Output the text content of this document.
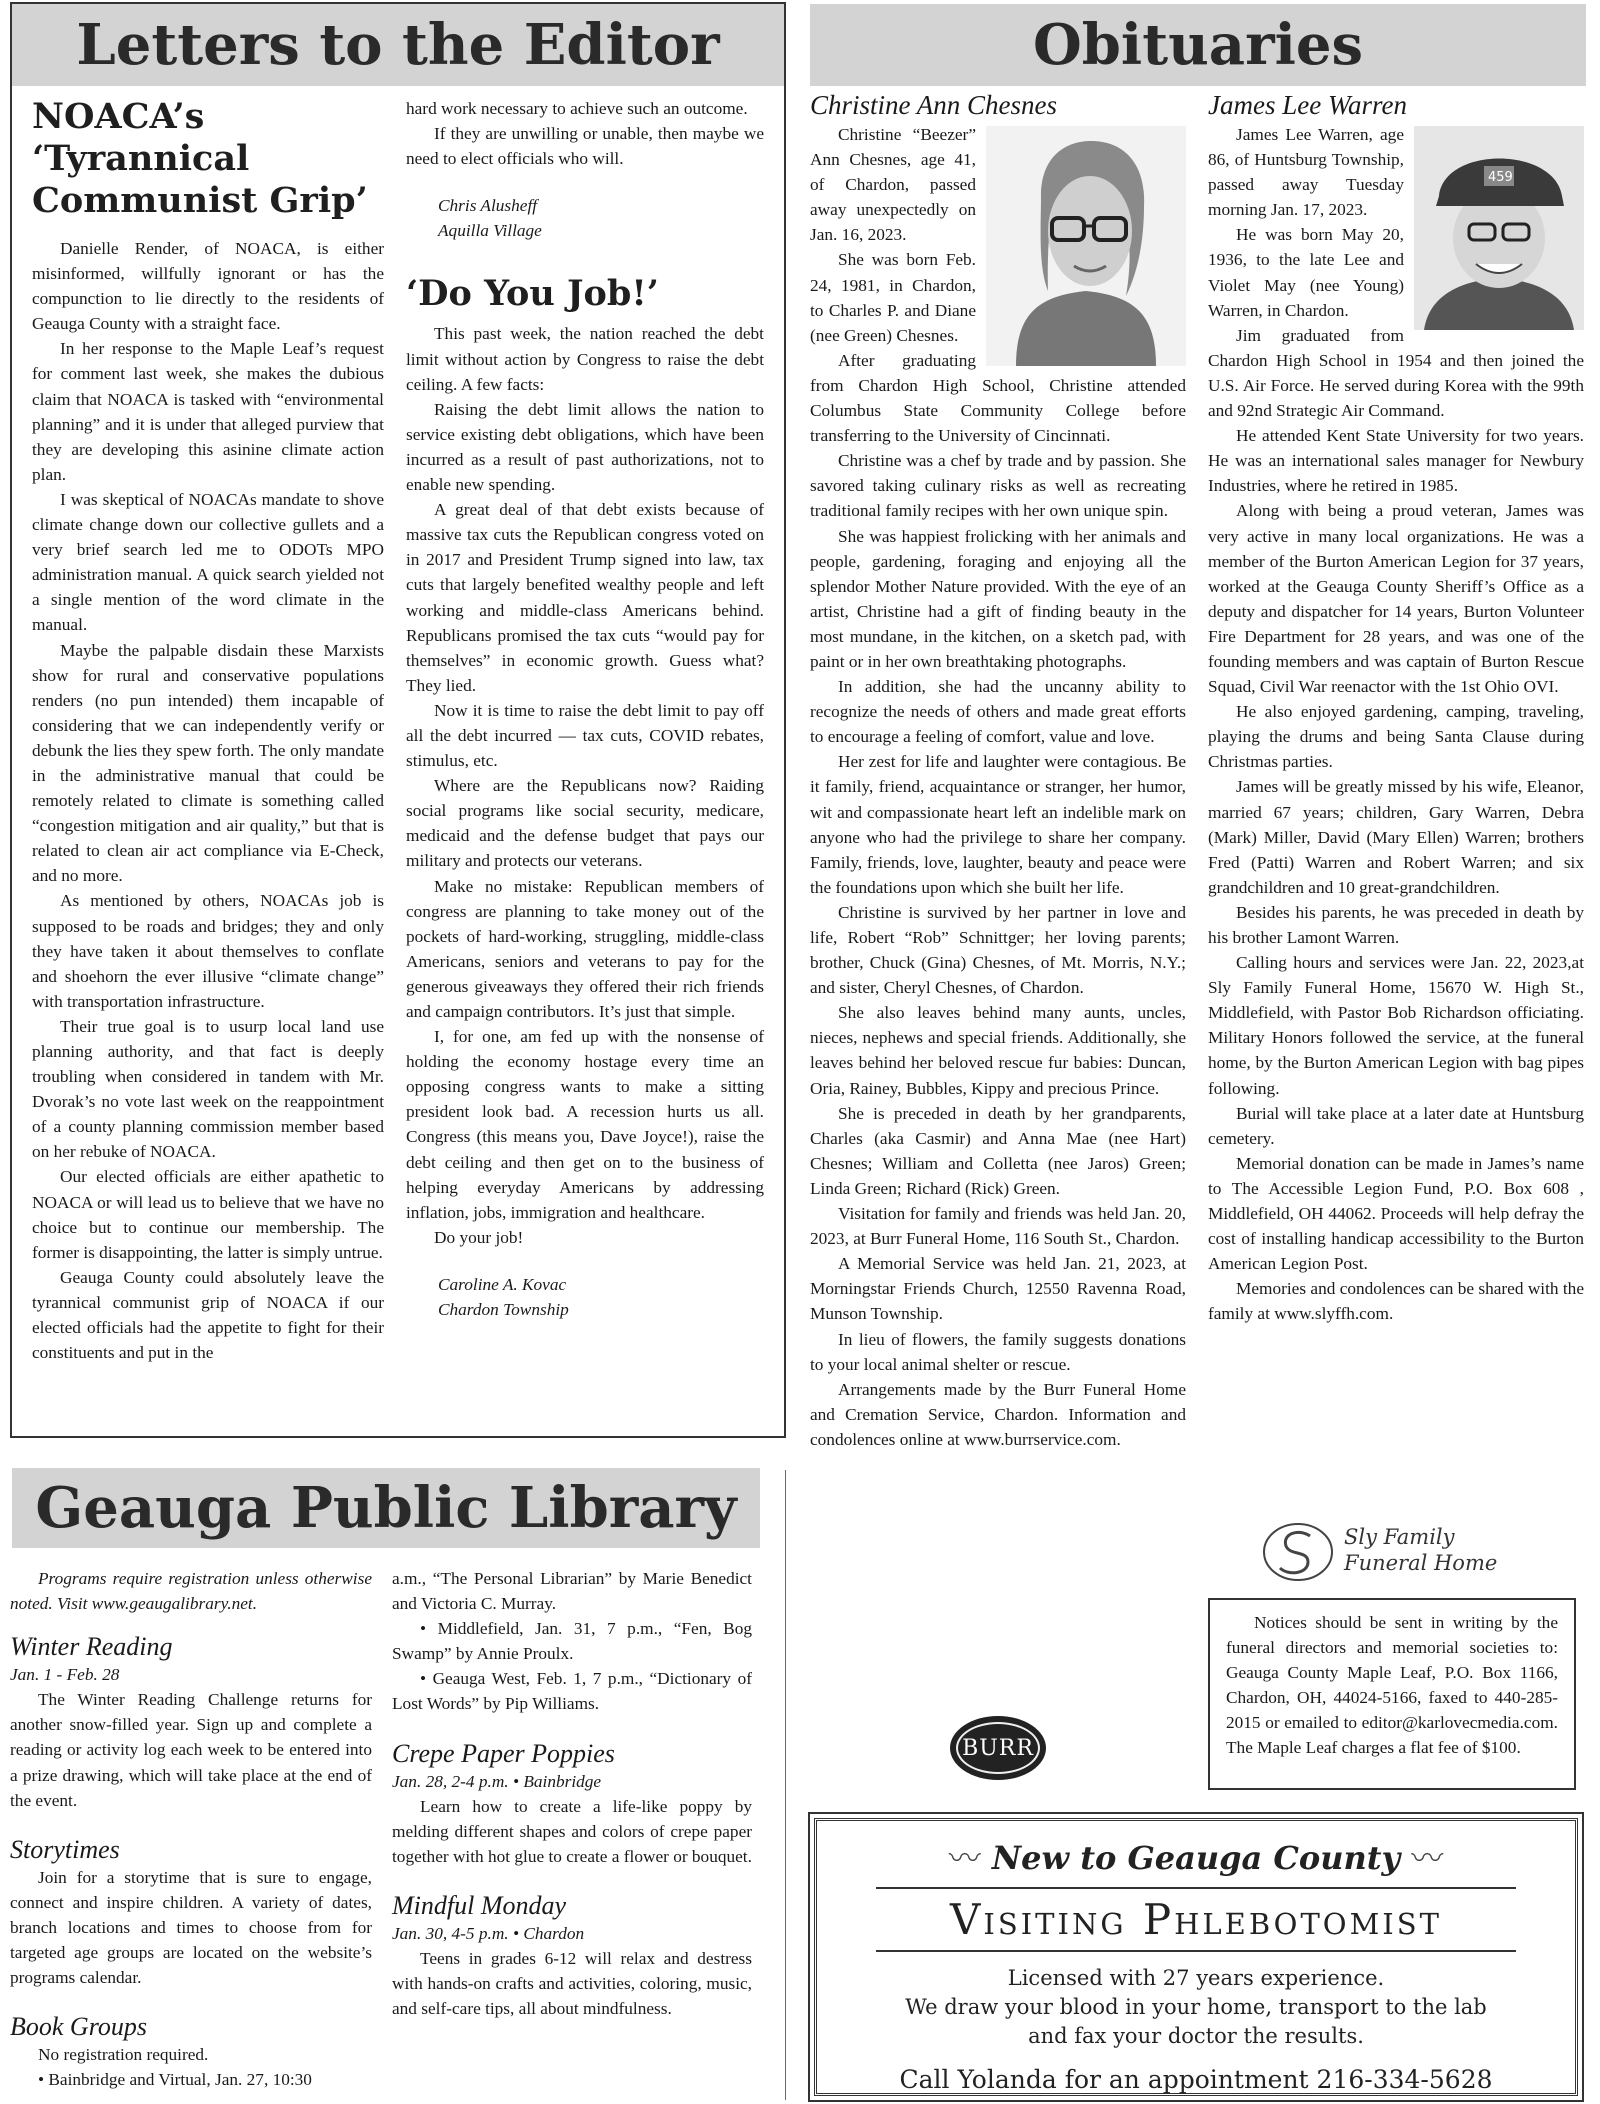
Letters to the Editor
NOACA’s ‘Tyrannical Communist Grip’

Danielle Render, of NOACA, is either misinformed, willfully ignorant or has the compunction to lie directly to the residents of Geauga County with a straight face.

In her response to the Maple Leaf’s request for comment last week, she makes the dubious claim that NOACA is tasked with “environmental planning” and it is under that alleged purview that they are developing this asinine climate action plan.

I was skeptical of NOACAs mandate to shove climate change down our collective gullets and a very brief search led me to ODOTs MPO administration manual. A quick search yielded not a single mention of the word climate in the manual.

Maybe the palpable disdain these Marxists show for rural and conservative populations renders (no pun intended) them incapable of considering that we can independently verify or debunk the lies they spew forth. The only mandate in the administrative manual that could be remotely related to climate is something called “congestion mitigation and air quality,” but that is related to clean air act compliance via E-Check, and no more.

As mentioned by others, NOACAs job is supposed to be roads and bridges; they and only they have taken it about themselves to conflate and shoehorn the ever illusive “climate change” with transportation infrastructure.

Their true goal is to usurp local land use planning authority, and that fact is deeply troubling when considered in tandem with Mr. Dvorak’s no vote last week on the reappointment of a county planning commission member based on her rebuke of NOACA.

Our elected officials are either apathetic to NOACA or will lead us to believe that we have no choice but to continue our membership. The former is disappointing, the latter is simply untrue.

Geauga County could absolutely leave the tyrannical communist grip of NOACA if our elected officials had the appetite to fight for their constituents and put in the

hard work necessary to achieve such an outcome.

If they are unwilling or unable, then maybe we need to elect officials who will.

Chris Alusheff

Aquilla Village

‘Do You Job!’

This past week, the nation reached the debt limit without action by Congress to raise the debt ceiling. A few facts:

Raising the debt limit allows the nation to service existing debt obligations, which have been incurred as a result of past authorizations, not to enable new spending.

A great deal of that debt exists because of massive tax cuts the Republican congress voted on in 2017 and President Trump signed into law, tax cuts that largely benefited wealthy people and left working and middle-class Americans behind. Republicans promised the tax cuts “would pay for themselves” in economic growth. Guess what? They lied.

Now it is time to raise the debt limit to pay off all the debt incurred — tax cuts, COVID rebates, stimulus, etc.

Where are the Republicans now? Raiding social programs like social security, medicare, medicaid and the defense budget that pays our military and protects our veterans.

Make no mistake: Republican members of congress are planning to take money out of the pockets of hard-working, struggling, middle-class Americans, seniors and veterans to pay for the generous giveaways they offered their rich friends and campaign contributors. It’s just that simple.

I, for one, am fed up with the nonsense of holding the economy hostage every time an opposing congress wants to make a sitting president look bad. A recession hurts us all. Congress (this means you, Dave Joyce!), raise the debt ceiling and then get on to the business of helping everyday Americans by addressing inflation, jobs, immigration and healthcare.

Do your job!

Caroline A. Kovac

Chardon Township

Geauga Public Library

Programs require registration unless otherwise noted. Visit www.geaugalibrary.net.

Winter Reading

Jan. 1 - Feb. 28

The Winter Reading Challenge returns for another snow-filled year. Sign up and complete a reading or activity log each week to be entered into a prize drawing, which will take place at the end of the event.

Storytimes

Join for a storytime that is sure to engage, connect and inspire children. A variety of dates, branch locations and times to choose from for targeted age groups are located on the website’s programs calendar.

Book Groups

No registration required.

• Bainbridge and Virtual, Jan. 27, 10:30

a.m., “The Personal Librarian” by Marie Benedict and Victoria C. Murray.

• Middlefield, Jan. 31, 7 p.m., “Fen, Bog Swamp” by Annie Proulx.

• Geauga West, Feb. 1, 7 p.m., “Dictionary of Lost Words” by Pip Williams.

Crepe Paper Poppies

Jan. 28, 2-4 p.m. • Bainbridge

Learn how to create a life-like poppy by melding different shapes and colors of crepe paper together with hot glue to create a flower or bouquet.

Mindful Monday

Jan. 30, 4-5 p.m. • Chardon

Teens in grades 6-12 will relax and destress with hands-on crafts and activities, coloring, music, and self-care tips, all about mindfulness.

Obituaries

Christine Ann Chesnes

Christine “Beezer” Ann Chesnes, age 41, of Chardon, passed away unexpectedly on Jan. 16, 2023.

She was born Feb. 24, 1981, in Chardon, to Charles P. and Diane (nee Green) Chesnes.

After graduating from Chardon High School, Christine attended Columbus State Community College before transferring to the University of Cincinnati.

Christine was a chef by trade and by passion. She savored taking culinary risks as well as recreating traditional family recipes with her own unique spin.

She was happiest frolicking with her animals and people, gardening, foraging and enjoying all the splendor Mother Nature provided. With the eye of an artist, Christine had a gift of finding beauty in the most mundane, in the kitchen, on a sketch pad, with paint or in her own breathtaking photographs.

In addition, she had the uncanny ability to recognize the needs of others and made great efforts to encourage a feeling of comfort, value and love.

Her zest for life and laughter were contagious. Be it family, friend, acquaintance or stranger, her humor, wit and compassionate heart left an indelible mark on anyone who had the privilege to share her company. Family, friends, love, laughter, beauty and peace were the foundations upon which she built her life.

Christine is survived by her partner in love and life, Robert “Rob” Schnittger; her loving parents; brother, Chuck (Gina) Chesnes, of Mt. Morris, N.Y.; and sister, Cheryl Chesnes, of Chardon.

She also leaves behind many aunts, uncles, nieces, nephews and special friends. Additionally, she leaves behind her beloved rescue fur babies: Duncan, Oria, Rainey, Bubbles, Kippy and precious Prince.

She is preceded in death by her grandparents, Charles (aka Casmir) and Anna Mae (nee Hart) Chesnes; William and Colletta (nee Jaros) Green; Linda Green; Richard (Rick) Green.

Visitation for family and friends was held Jan. 20, 2023, at Burr Funeral Home, 116 South St., Chardon.

A Memorial Service was held Jan. 21, 2023, at Morningstar Friends Church, 12550 Ravenna Road, Munson Township.

In lieu of flowers, the family suggests donations to your local animal shelter or rescue.

Arrangements made by the Burr Funeral Home and Cremation Service, Chardon. Information and condolences online at www.burrservice.com.

BURR

James Lee Warren

459

James Lee Warren, age 86, of Huntsburg Township, passed away Tuesday morning Jan. 17, 2023.

He was born May 20, 1936, to the late Lee and Violet May (nee Young) Warren, in Chardon.

Jim graduated from Chardon High School in 1954 and then joined the U.S. Air Force. He served during Korea with the 99th and 92nd Strategic Air Command.

He attended Kent State University for two years. He was an international sales manager for Newbury Industries, where he retired in 1985.

Along with being a proud veteran, James was very active in many local organizations. He was a member of the Burton American Legion for 37 years, worked at the Geauga County Sheriff’s Office as a deputy and dispatcher for 14 years, Burton Volunteer Fire Department for 28 years, and was one of the founding members and was captain of Burton Rescue Squad, Civil War reenactor with the 1st Ohio OVI.

He also enjoyed gardening, camping, traveling, playing the drums and being Santa Clause during Christmas parties.

James will be greatly missed by his wife, Eleanor, married 67 years; children, Gary Warren, Debra (Mark) Miller, David (Mary Ellen) Warren; brothers Fred (Patti) Warren and Robert Warren; and six grandchildren and 10 great-grandchildren.

Besides his parents, he was preceded in death by his brother Lamont Warren.

Calling hours and services were Jan. 22, 2023,at Sly Family Funeral Home, 15670 W. High St., Middlefield, with Pastor Bob Richardson officiating. Military Honors followed the service, at the funeral home, by the Burton American Legion with bag pipes following.

Burial will take place at a later date at Huntsburg cemetery.

Memorial donation can be made in James’s name to The Accessible Legion Fund, P.O. Box 608 , Middlefield, OH 44062. Proceeds will help defray the cost of installing handicap accessibility to the Burton American Legion Post.

Memories and condolences can be shared with the family at www.slyffh.com.

Sly Family
Funeral Home

Notices should be sent in writing by the funeral directors and memorial societies to: Geauga County Maple Leaf, P.O. Box 1166, Chardon, OH, 44024-5166, faxed to 440-285-2015 or emailed to editor@karlovecmedia.com. The Maple Leaf charges a flat fee of $100.

〰 New to Geauga County 〰
Visiting Phlebotomist
Licensed with 27 years experience.
We draw your blood in your home, transport to the lab
and fax your doctor the results.
Call Yolanda for an appointment 216-334-5628
